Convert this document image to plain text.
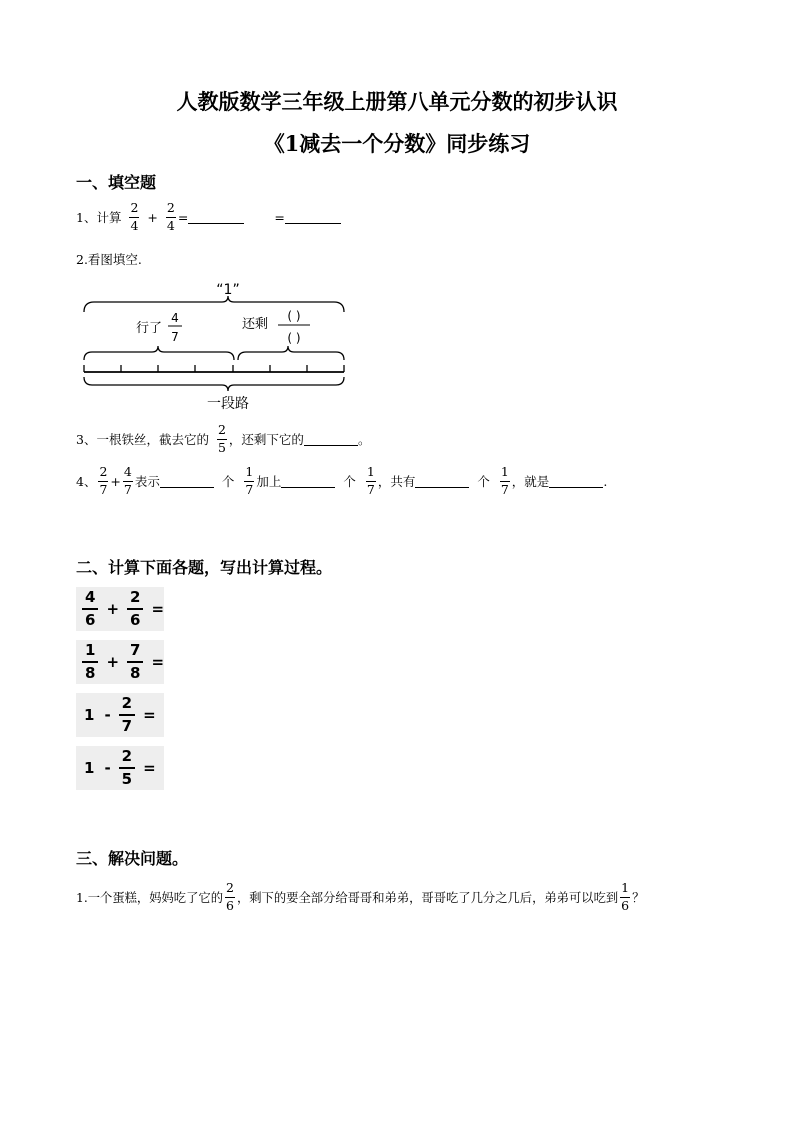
人教版数学三年级上册第八单元分数的初步认识
《1减去一个分数》同步练习
一、填空题
1、计算 $\frac{2}{4} + \frac{2}{4}$ =	=
2.看图填空.
“1”
行了
4
7
还剩
( )
( )
一段路
3、一根铁丝，截去它的 $\frac{2}{5}$ ，还剩下它的	。
4、 $\frac{2}{7} + \frac{4}{7}$ 表示	个 $\frac{1}{7}$ 加上	个 $\frac{1}{7}$ ，共有	个 $\frac{1}{7}$ ，就是	.
二、计算下面各题，写出计算过程。
4
6
+ $\frac{2}{6}$ =
1
8
+ $\frac{7}{8}$ =
$1 - \frac{2}{7}$ =
$1 - \frac{2}{5}$ =
三、解决问题。
1.一个蛋糕，妈妈吃了它的 $\frac{2}{6}$ ，剩下的要全部分给哥哥和弟弟，哥哥吃了几分之几后，弟弟可以吃到 $\frac{1}{6}$ ？
